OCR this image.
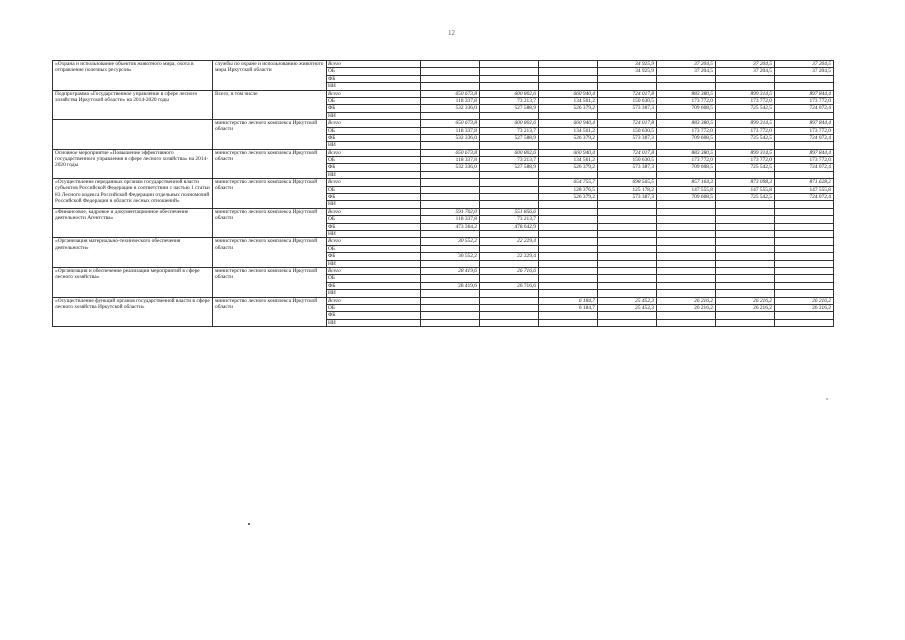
12
«Охрана и использование объектов животного мира, охота в отправление полезных ресурсов»	службы по охране и использованию животного мира Иркутской области	Всего				34 925,9	37 204,5	37 204,5	37 204,5
		ОБ				34 925,9	37 204,5	37 204,5	37 204,5
		ФБ							
		НИ							
Подпрограмма «Государственное управление в сфере лесного хозяйства Иркутской области» на 2014-2020 годы	Всего, в том числе	Всего	650 673,8	600 802,6	660 940,4	724 017,8	883 380,5	899 314,5	897 844,4
		ОБ	118 337,8	73 213,7	134 561,2	150 630,5	173 772,0	173 772,0	173 772,0
		ФБ	532 336,0	527 588,9	526 379,2	573 387,3	709 608,5	725 542,5	724 072,4
		НИ							
	министерство лесного комплекса Иркутской области	Всего	650 673,8	600 802,6	660 940,4	724 017,8	883 380,5	899 314,5	897 844,4
		ОБ	118 337,8	73 213,7	134 561,2	150 630,5	173 772,0	173 772,0	173 772,0
		ФБ	532 336,0	527 588,9	526 379,2	573 387,3	709 608,5	725 542,5	724 072,4
		НИ							
Основное мероприятие «Повышение эффективного государственного управления в сфере лесного хозяйства» на 2014-2020 годы	министерство лесного комплекса Иркутской области	Всего	650 673,8	600 802,6	660 940,4	724 017,8	883 380,5	899 314,5	897 844,4
		ОБ	118 337,8	73 213,7	134 561,2	150 630,5	173 772,0	173 772,0	173 772,0
		ФБ	532 336,0	527 588,9	526 379,2	573 387,3	709 608,5	725 542,5	724 072,4
		НИ							
«Осуществление переданных органам государственной власти субъектов Российской Федерации в соответствии с частью 1 статьи 83 Лесного кодекса Российской Федерации отдельных полномочий Российской Федерации в области лесных отношений»	министерство лесного комплекса Иркутской области	Всего			654 755,7	698 565,5	857 164,3	873 098,3	871 628,2
		ОБ			128 376,5	125 178,2	147 555,8	147 555,8	147 555,8
		ФБ			526 379,2	573 387,3	709 608,5	725 542,5	724 072,4
		НИ							
«Финансовое, кадровое и документационное обеспечение деятельности Агентства»	министерство лесного комплекса Иркутской области	Всего	591 702,0	551 856,6					
		ОБ	118 337,8	73 213,7					
		ФБ	473 364,2	478 642,9					
		НИ							
«Организация материально-технического обеспечения деятельности»	министерство лесного комплекса Иркутской области	Всего	30 552,2	22 229,4					
		ОБ							
		ФБ	30 552,2	22 229,4					
		НИ							
«Организация и обеспечение реализации мероприятий в сфере лесного хозяйства»	министерство лесного комплекса Иркутской области	Всего	28 419,6	26 716,6					
		ОБ							
		ФБ	28 419,6	26 716,6					
		НИ							
«Осуществление функций органов государственной власти в сфере лесного хозяйства Иркутской области»	министерство лесного комплекса Иркутской области	Всего			6 184,7	25 452,3	26 216,2	26 216,2	26 216,2
		ОБ			6 184,7	25 452,3	26 216,2	26 216,2	26 216,2
		ФБ							
		НИ							
»
